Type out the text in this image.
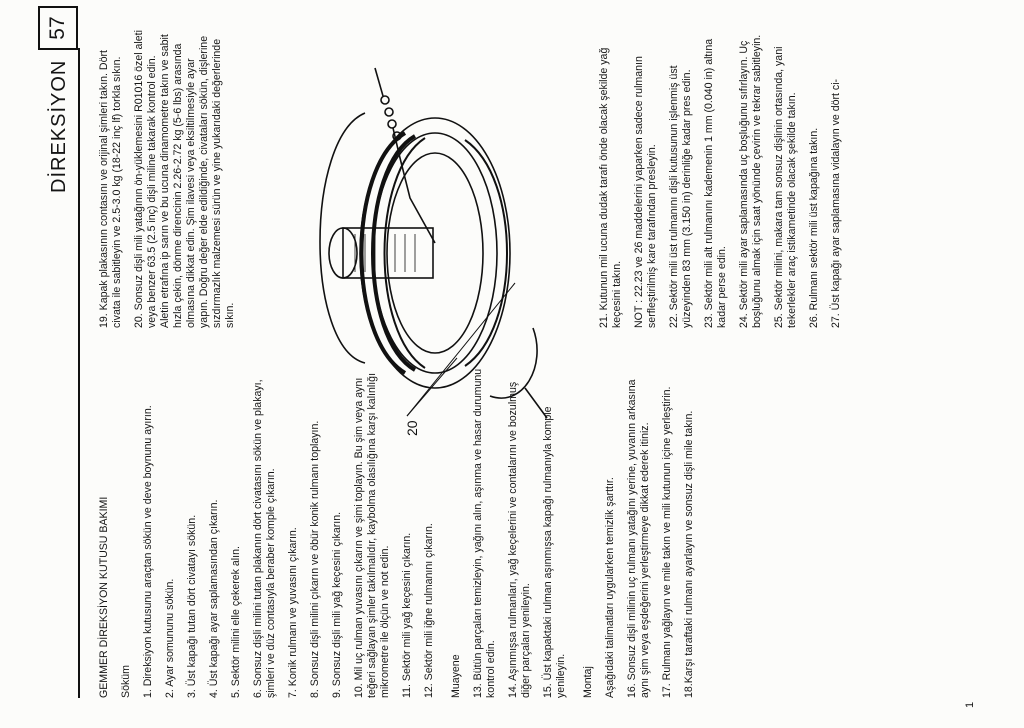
DİREKSİYON
57

GEMMER DİREKSİYON KUTUSU BAKIMI Söküm 1. Direksiyon kutusunu araçtan sökün ve deve boynunu ayırın. 2. Ayar somununu sökün. 3. Üst kapağı tutan dört civatayı sökün. 4. Üst kapağı ayar saplamasından çıkarın. 5. Sektör milini elle çekerek alın. 6. Sonsuz dişli milini tutan plakanın dört civatasını sökün ve plakayı, şimleri ve düz contasıyla beraber komple çıkarın. 7. Konik rulmanı ve yuvasını çıkarın. 8. Sonsuz dişli milini çıkarın ve öbür konik rulmanı toplayın. 9. Sonsuz dişli mili yağ keçesini çıkarın. 10. Mil uç rulman yuvasını çıkarın ve şimi toplayın. Bu şim veya aynı teğeri sağlayan şimler takılmalıdır, kaybolma olasılığına karşı kalınlığı mikrometre ile ölçün ve not edin. 11. Sektör mili yağ keçesini çıkarın. 12. Sektör mili iğne rulmanını çıkarın. Muayene 13. Bütün parçaları temizleyin, yağını alın, aşınma ve hasar durumunu kontrol edin. 14. Aşınmışsa rulmanları, yağ keçelerini ve contalarını ve bozulmuş diğer parçaları yenileyin. 15. Üst kapaktaki rulman aşınmışsa kapağı rulmanıyla komple yenileyin. Montaj Aşağıdaki talimatları uygularken temizlik şarttır. 16. Sonsuz dişli milinin uç rulmanı yatağını yerine, yuvanın arkasına aynı şim veya eşdeğerini yerleştirmeye dikkat ederek itiniz. 17. Rulmanı yağlayın ve mile takın ve mili kutunun içine yerleştirin. 18.Karşı taraftaki rulmanı ayarlayın ve sonsuz dişli mile takın.

19. Kapak plakasının contasını ve orijinal şimleri takın. Dört civata ile sabitleyin ve 2.5-3.0 kg (18-22 inç lf) torkla sıkın. 20. Sonsuz dişli mili yatağının ön-yüklemesini R01016 özel aleti veya benzer 63.5 (2.5 inç) dişli miline takarak kontrol edin. Aletin etrafına ip sarın ve bu ucuna dinamometre takın ve sabit hızla çekin, dönme direncinin 2.26-2.72 kg (5-6 lbs) arasında olmasına dikkat edin. Şim ilavesi veya eksiltilmesiyle ayar yapın. Doğru değer elde edildiğinde, civataları sökün, dişlerine sızdırmazlık malzemesi sürün ve yine yukarıdaki değerlerinde sıkın.

20

21. Kutunun mil ucuna dudak tarafı önde olacak şekilde yağ keçesini takın. NOT : 22.23 ve 26 maddelerini yaparken sadece rulmanın serfleştirilmiş kare tarafından presleyin. 22. Sektör mili üst rulmanını dişli kutusunun işlenmiş üst yüzeyinden 83 mm (3.150 in) derinliğe kadar pres edin. 23. Sektör mili alt rulmanını kademenin 1 mm (0.040 in) altına kadar perse edin. 24. Sektör mili ayar saplamasında uç boşluğunu sıfırlayın. Uç boşluğunu almak için saat yönünde çevirin ve tekrar sabitleyin. 25. Sektör milini, makara tam sonsuz dişlinin ortasında, yani tekerlekler araç istikametinde olacak şekilde takın. 26. Rulmanı sektör mili üst kapağına takın. 27. Üst kapağı ayar saplamasına vidalayın ve dört ci-

1
